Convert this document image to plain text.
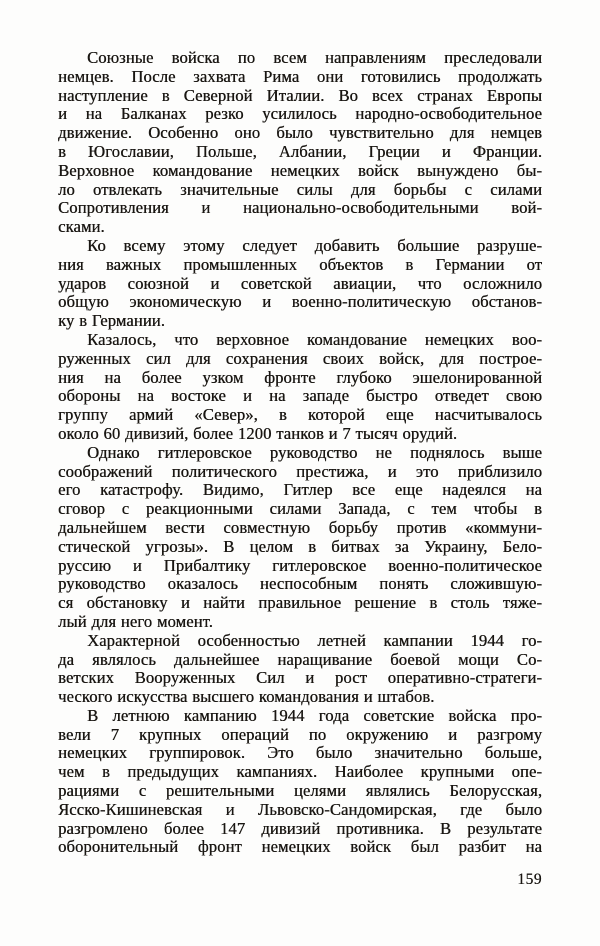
Союзные войска по всем направлениям преследовали
немцев. После захвата Рима они готовились продолжать
наступление в Северной Италии. Во всех странах Европы
и на Балканах резко усилилось народно-освободительное
движение. Особенно оно было чувствительно для немцев
в Югославии, Польше, Албании, Греции и Франции.
Верховное командование немецких войск вынуждено бы-
ло отвлекать значительные силы для борьбы с силами
Сопротивления и национально-освободительными вой-
сками.

Ко всему этому следует добавить большие разруше-
ния важных промышленных объектов в Германии от
ударов союзной и советской авиации, что осложнило
общую экономическую и военно-политическую обстанов-
ку в Германии.

Казалось, что верховное командование немецких воо-
руженных сил для сохранения своих войск, для построе-
ния на более узком фронте глубоко эшелонированной
обороны на востоке и на западе быстро отведет свою
группу армий «Север», в которой еще насчитывалось
около 60 дивизий, более 1200 танков и 7 тысяч орудий.

Однако гитлеровское руководство не поднялось выше
соображений политического престижа, и это приблизило
его катастрофу. Видимо, Гитлер все еще надеялся на
сговор с реакционными силами Запада, с тем чтобы в
дальнейшем вести совместную борьбу против «коммуни-
стической угрозы». В целом в битвах за Украину, Бело-
руссию и Прибалтику гитлеровское военно-политическое
руководство оказалось неспособным понять сложившую-
ся обстановку и найти правильное решение в столь тяже-
лый для него момент.

Характерной особенностью летней кампании 1944 го-
да являлось дальнейшее наращивание боевой мощи Со-
ветских Вооруженных Сил и рост оперативно-стратеги-
ческого искусства высшего командования и штабов.

В летнюю кампанию 1944 года советские войска про-
вели 7 крупных операций по окружению и разгрому
немецких группировок. Это было значительно больше,
чем в предыдущих кампаниях. Наиболее крупными опе-
рациями с решительными целями являлись Белорусская,
Ясско-Кишиневская и Львовско-Сандомирская, где было
разгромлено более 147 дивизий противника. В результате
оборонительный фронт немецких войск был разбит на

159
